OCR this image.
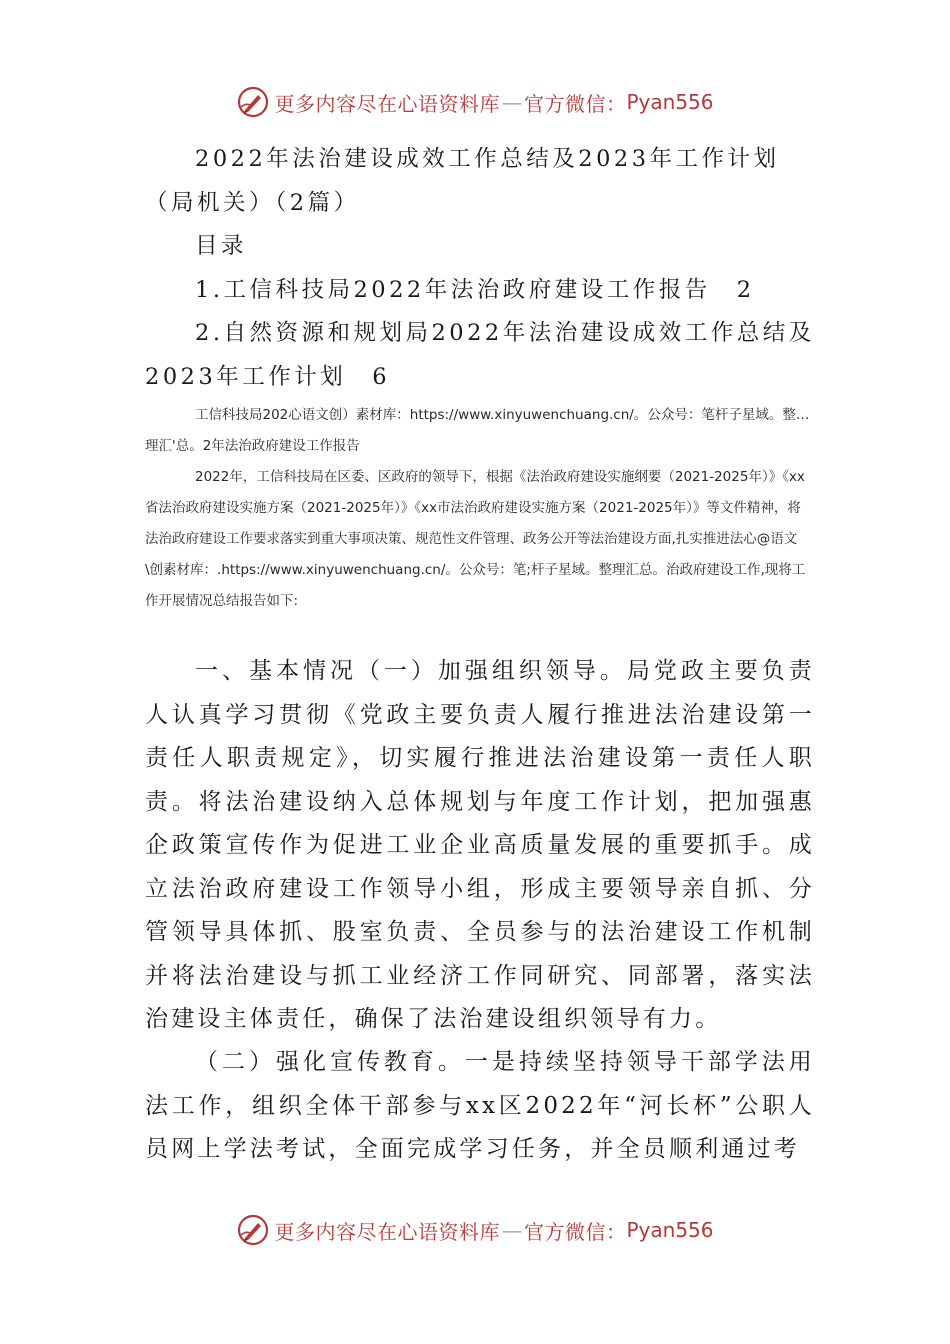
更多内容尽在心语资料库 — 官方微信： Pyan556

2022年法治建设成效工作总结及2023年工作计划（局机关）（2篇）

目录

1.工信科技局2022年法治政府建设工作报告　2

2.自然资源和规划局2022年法治建设成效工作总结及2023年工作计划　6

工信科技局202心语文创）素材库：https://www.xinyuwenchuang.cn/。公众号：笔杆子星域。整…理汇'总。2年法治政府建设工作报告

2022年，工信科技局在区委、区政府的领导下，根据《法治政府建设实施纲要（2021-2025年）》《xx省法治政府建设实施方案（2021-2025年）》《xx市法治政府建设实施方案（2021-2025年）》等文件精神，将法治政府建设工作要求落实到重大事项决策、规范性文件管理、政务公开等法治建设方面,扎实推进法心@语文\创素材库：.https://www.xinyuwenchuang.cn/。公众号：笔;杆子星域。整理汇总。治政府建设工作,现将工作开展情况总结报告如下:

一、基本情况（一）加强组织领导。局党政主要负责人认真学习贯彻《党政主要负责人履行推进法治建设第一责任人职责规定》，切实履行推进法治建设第一责任人职责。将法治建设纳入总体规划与年度工作计划，把加强惠企政策宣传作为促进工业企业高质量发展的重要抓手。成立法治政府建设工作领导小组，形成主要领导亲自抓、分管领导具体抓、股室负责、全员参与的法治建设工作机制并将法治建设与抓工业经济工作同研究、同部署，落实法治建设主体责任，确保了法治建设组织领导有力。

（二）强化宣传教育。一是持续坚持领导干部学法用法工作，组织全体干部参与xx区2022年“河长杯”公职人员网上学法考试，全面完成学习任务，并全员顺利通过考

更多内容尽在心语资料库 — 官方微信： Pyan556
